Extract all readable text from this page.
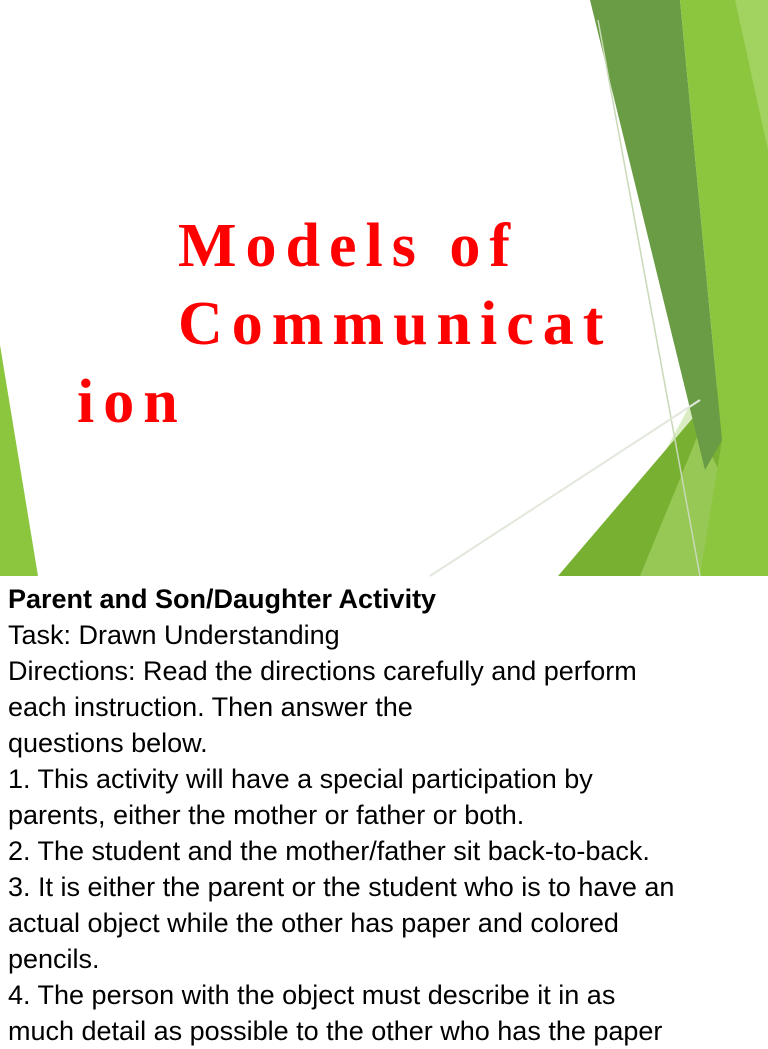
Models of
Communicat
ion

Parent and Son/Daughter Activity

Task: Drawn Understanding

Directions: Read the directions carefully and perform

each instruction. Then answer the

questions below.

1. This activity will have a special participation by

parents, either the mother or father or both.

2. The student and the mother/father sit back-to-back.

3. It is either the parent or the student who is to have an

actual object while the other has paper and colored

pencils.

4. The person with the object must describe it in as

much detail as possible to the other who has the paper
